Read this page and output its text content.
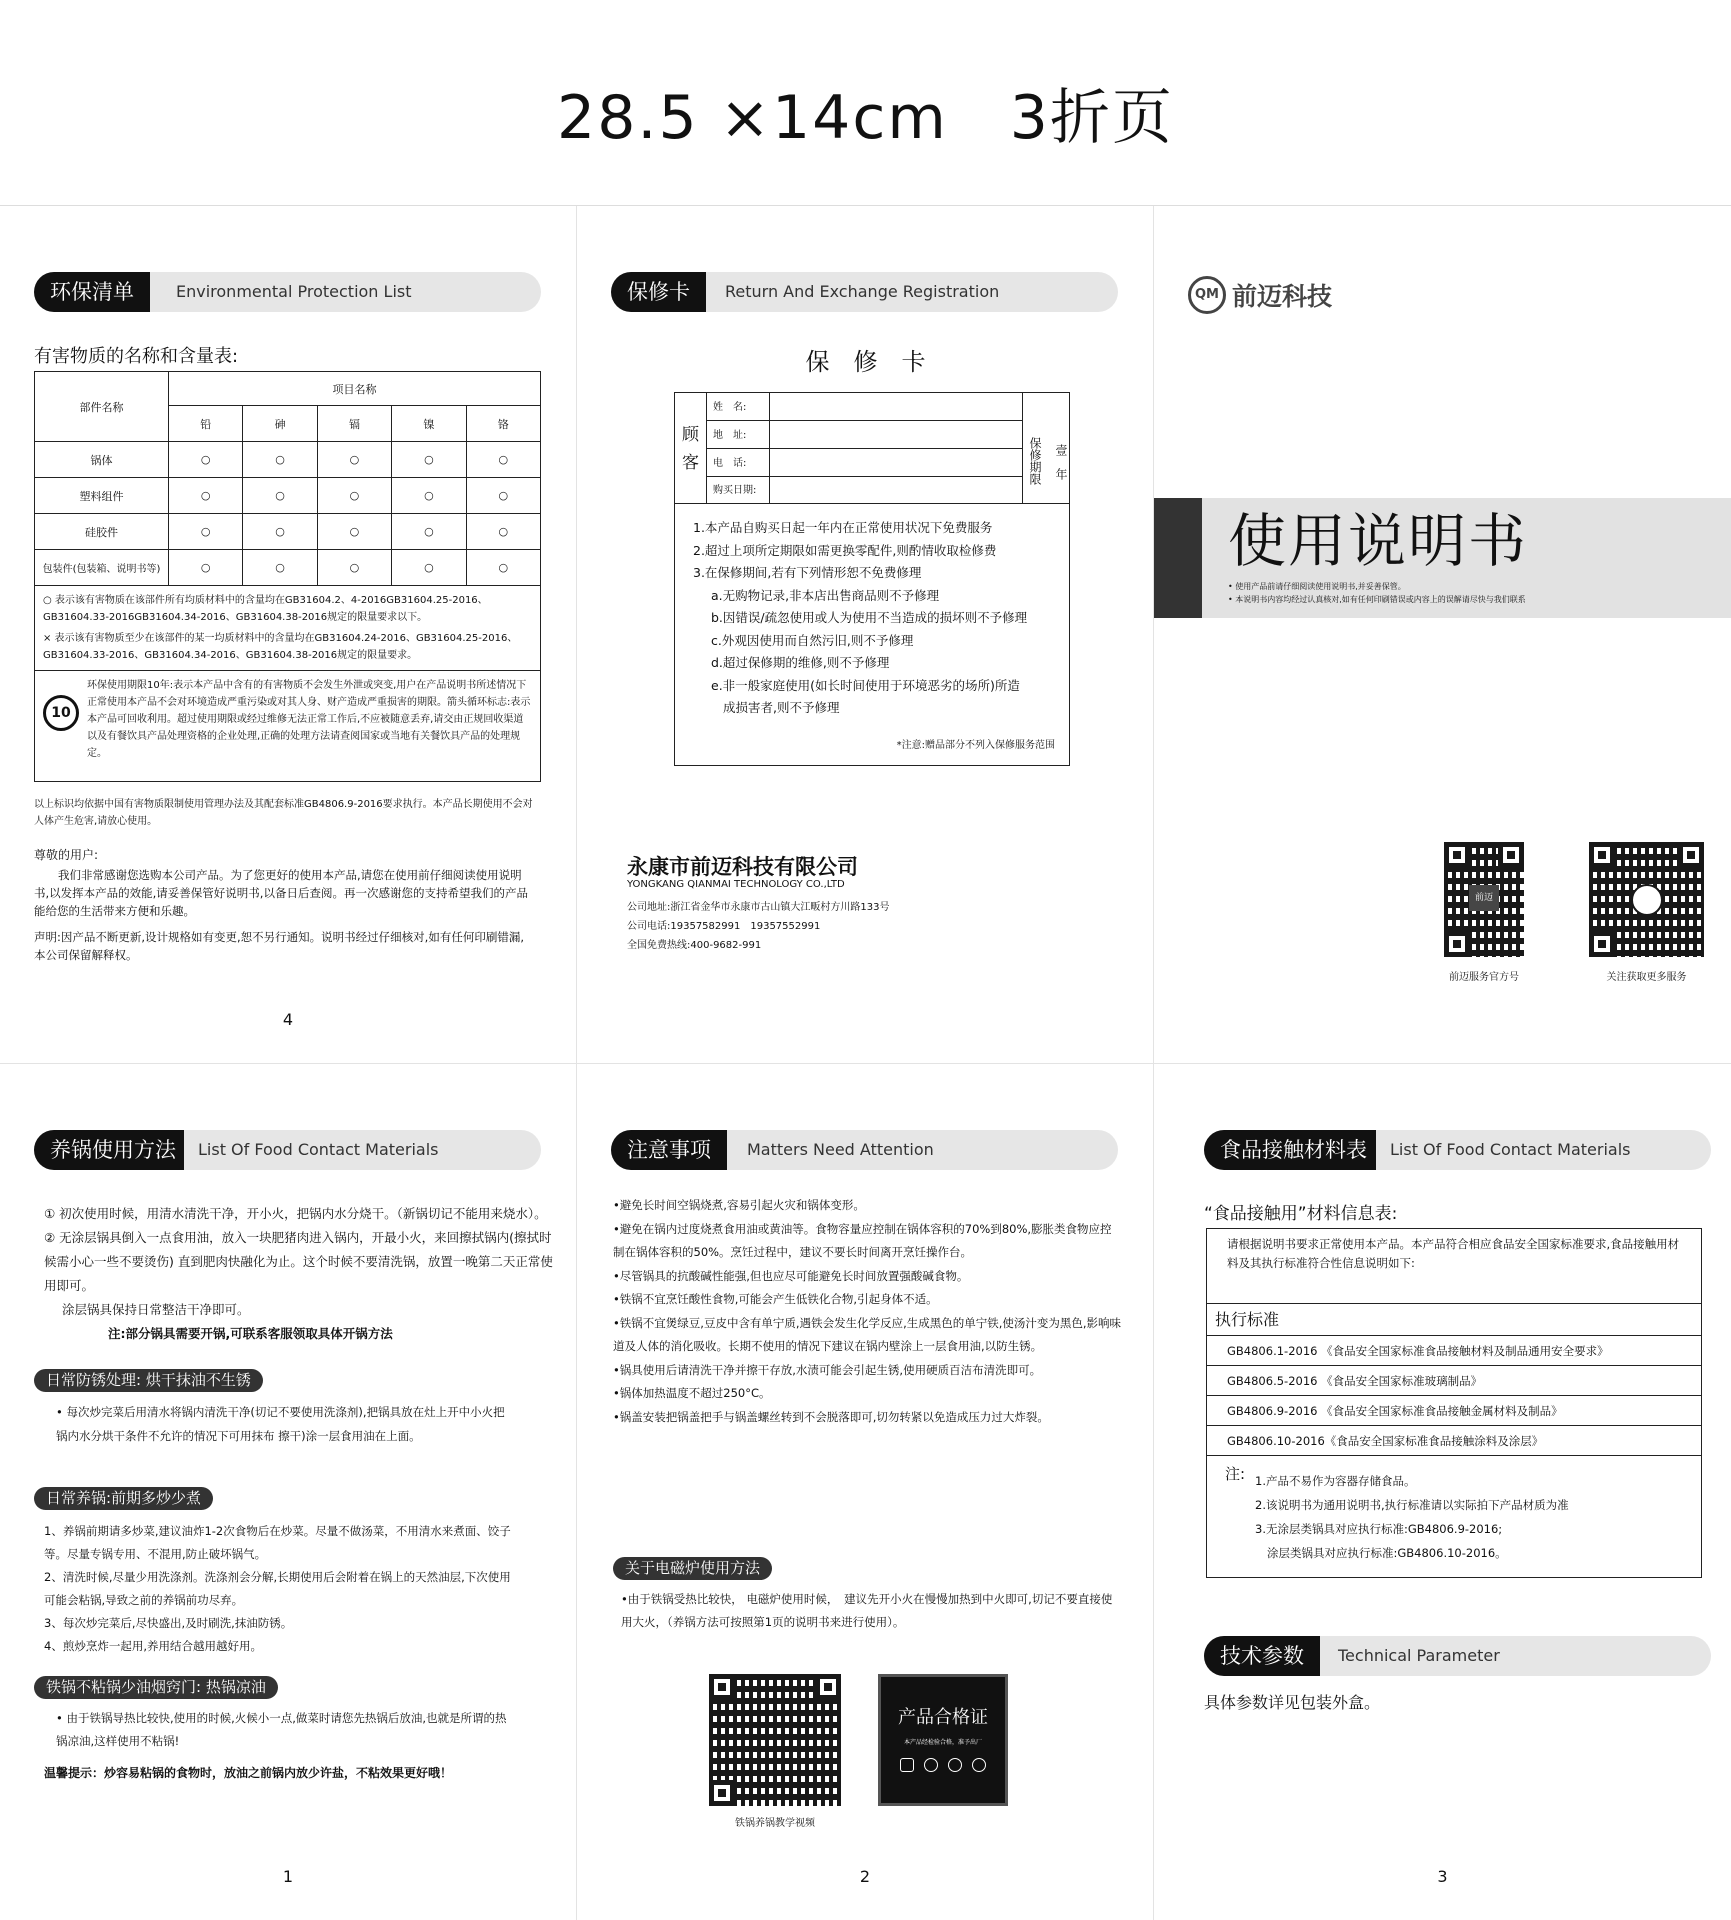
28.5 ×14cm　3折页
环保清单	Environmental Protection List
有害物质的名称和含量表:
部件名称	项目名称				
	铅	砷	镉	镍	铬
锅体	○	○	○	○	○
塑料组件	○	○	○	○	○
硅胶件	○	○	○	○	○
包装件(包装箱、说明书等)	○	○	○	○	○
○ 表示该有害物质在该部件所有均质材料中的含量均在GB31604.2、4-2016GB31604.25-2016、GB31604.33-2016GB31604.34-2016、GB31604.38-2016规定的限量要求以下。
× 表示该有害物质至少在该部件的某一均质材料中的含量均在GB31604.24-2016、GB31604.25-2016、GB31604.33-2016、GB31604.34-2016、GB31604.38-2016规定的限量要求。
10
环保使用期限10年:表示本产品中含有的有害物质不会发生外泄或突变,用户在产品说明书所述情况下正常使用本产品不会对环境造成严重污染或对其人身、财产造成严重损害的期限。箭头循环标志:表示本产品可回收利用。超过使用期限或经过维修无法正常工作后,不应被随意丢弃,请交由正规回收渠道以及有餐饮具产品处理资格的企业处理,正确的处理方法请查阅国家或当地有关餐饮具产品的处理规定。
以上标识均依据中国有害物质限制使用管理办法及其配套标准GB4806.9-2016要求执行。本产品长期使用不会对人体产生危害,请放心使用。
尊敬的用户:
我们非常感谢您选购本公司产品。为了您更好的使用本产品,请您在使用前仔细阅读使用说明书,以发挥本产品的效能,请妥善保管好说明书,以备日后查阅。再一次感谢您的支持希望我们的产品能给您的生活带来方便和乐趣。
声明:因产品不断更新,设计规格如有变更,恕不另行通知。说明书经过仔细核对,如有任何印刷错漏,本公司保留解释权。
4
保修卡	Return And Exchange Registration
保　修　卡
顾
客
姓　名:
地　址:
电　话:
购买日期:
保修期限	壹　年
1.本产品自购买日起一年内在正常使用状况下免费服务
2.超过上项所定期限如需更换零配件,则酌情收取检修费
3.在保修期间,若有下列情形恕不免费修理
a.无购物记录,非本店出售商品则不予修理
b.因错误/疏忽使用或人为使用不当造成的损坏则不予修理
c.外观因使用而自然污旧,则不予修理
d.超过保修期的维修,则不予修理
e.非一般家庭使用(如长时间使用于环境恶劣的场所)所造
成损害者,则不予修理
*注意:赠品部分不列入保修服务范围
永康市前迈科技有限公司
YONGKANG QIANMAI TECHNOLOGY CO.,LTD
公司地址:浙江省金华市永康市古山镇大江畈村方川路133号
公司电话:19357582991　19357552991
全国免费热线:400-9682-991
QM 前迈科技
使用说明书
• 使用产品前请仔细阅读使用说明书,并妥善保管。
• 本说明书内容均经过认真核对,如有任何印刷错误或内容上的误解请尽快与我们联系
前迈
前迈服务官方号	关注获取更多服务
养锅使用方法	List Of Food Contact Materials
① 初次使用时候，用清水清洗干净，开小火，把锅内水分烧干。（新锅切记不能用来烧水）。
② 无涂层锅具倒入一点食用油，放入一块肥猪肉进入锅内，开最小火，来回擦拭锅内(擦拭时候需小心一些不要烫伤) 直到肥肉快融化为止。这个时候不要清洗锅，放置一晚第二天正常使用即可。
涂层锅具保持日常整洁干净即可。
注:部分锅具需要开锅,可联系客服领取具体开锅方法
日常防锈处理: 烘干抹油不生锈
• 每次炒完菜后用清水将锅内清洗干净(切记不要使用洗涤剂),把锅具放在灶上开中小火把锅内水分烘干条件不允许的情况下可用抹布 擦干)涂一层食用油在上面。
日常养锅:前期多炒少煮
1、养锅前期请多炒菜,建议油炸1-2次食物后在炒菜。尽量不做汤菜，不用清水来煮面、饺子等。尽量专锅专用、不混用,防止破坏锅气。
2、清洗时候,尽量少用洗涤剂。洗涤剂会分解,长期使用后会附着在锅上的天然油层,下次使用可能会粘锅,导致之前的养锅前功尽弃。
3、每次炒完菜后,尽快盛出,及时刷洗,抹油防锈。
4、煎炒烹炸一起用,养用结合越用越好用。
铁锅不粘锅少油烟窍门: 热锅凉油
• 由于铁锅导热比较快,使用的时候,火候小一点,做菜时请您先热锅后放油,也就是所谓的热锅凉油,这样使用不粘锅!
温馨提示：炒容易粘锅的食物时，放油之前锅内放少许盐，不粘效果更好哦！
1
注意事项	Matters Need Attention
•避免长时间空锅烧煮,容易引起火灾和锅体变形。
•避免在锅内过度烧煮食用油或黄油等。食物容量应控制在锅体容积的70%到80%,膨胀类食物应控制在锅体容积的50%。烹饪过程中，建议不要长时间离开烹饪操作台。
•尽管锅具的抗酸碱性能强,但也应尽可能避免长时间放置强酸碱食物。
•铁锅不宜烹饪酸性食物,可能会产生低铁化合物,引起身体不适。
•铁锅不宜煲绿豆,豆皮中含有单宁质,遇铁会发生化学反应,生成黑色的单宁铁,使汤汁变为黑色,影响味道及人体的消化吸收。长期不使用的情况下建议在锅内壁涂上一层食用油,以防生锈。
•锅具使用后请清洗干净并擦干存放,水渍可能会引起生锈,使用硬质百洁布清洗即可。
•锅体加热温度不超过250°C。
•锅盖安装把锅盖把手与锅盖螺丝转到不会脱落即可,切勿转紧以免造成压力过大炸裂。
关于电磁炉使用方法
•由于铁锅受热比较快， 电磁炉使用时候，　建议先开小火在慢慢加热到中火即可,切记不要直接使用大火，（养锅方法可按照第1页的说明书来进行使用）。
铁锅养锅教学视频
产品合格证
本产品经检验合格，准予出厂
2
食品接触材料表	List Of Food Contact Materials
“食品接触用”材料信息表:
请根据说明书要求正常使用本产品。本产品符合相应食品安全国家标准要求,食品接触用材料及其执行标准符合性信息说明如下:
执行标准
GB4806.1-2016 《食品安全国家标准食品接触材料及制品通用安全要求》
GB4806.5-2016 《食品安全国家标准玻璃制品》
GB4806.9-2016 《食品安全国家标准食品接触金属材料及制品》
GB4806.10-2016《食品安全国家标准食品接触涂料及涂层》
注: 1.产品不易作为容器存储食品。
2.该说明书为通用说明书,执行标准请以实际拍下产品材质为准
3.无涂层类锅具对应执行标准:GB4806.9-2016;
涂层类锅具对应执行标准:GB4806.10-2016。
技术参数	Technical Parameter
具体参数详见包装外盒。
3
